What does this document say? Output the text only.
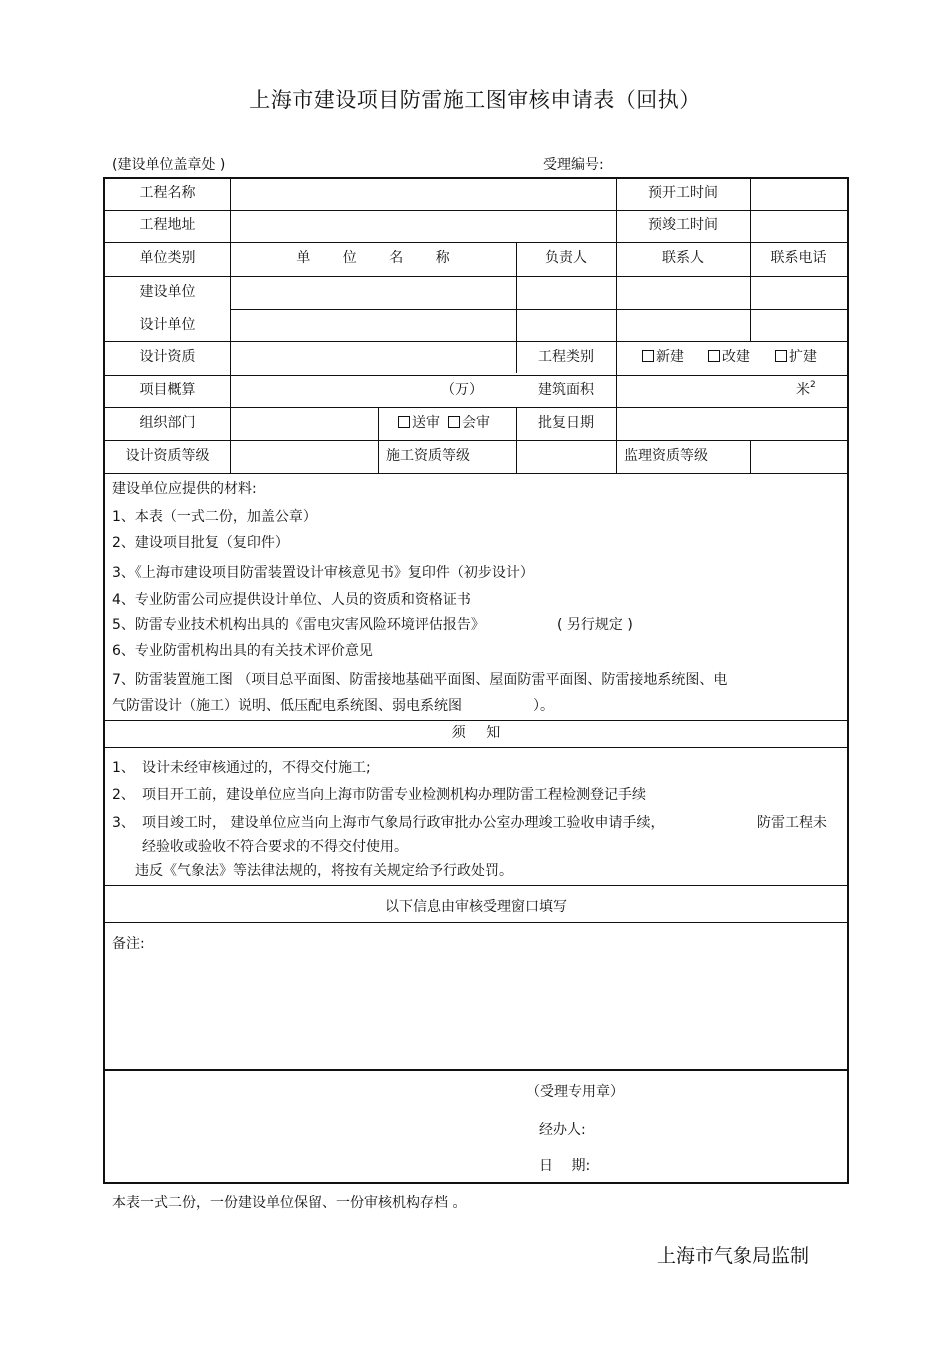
上海市建设项目防雷施工图审核申请表（回执）
(建设单位盖章处 )	受理编号:
工程名称	预开工时间
工程地址	预竣工时间
单位类别	单 位 名 称	负责人	联系人	联系电话
建设单位
设计单位
设计资质	工程类别	新建	改建	扩建
项目概算	（万）	建筑面积	米$^2$
组织部门	送审	会审	批复日期
设计资质等级	施工资质等级	监理资质等级
建设单位应提供的材料:
1、本表（一式二份，加盖公章）
2、建设项目批复（复印件）
3、《上海市建设项目防雷装置设计审核意见书》复印件（初步设计）
4、专业防雷公司应提供设计单位、人员的资质和资格证书
5、防雷专业技术机构出具的《雷电灾害风险环境评估报告》	( 另行规定 )
6、专业防雷机构出具的有关技术评价意见
7、防雷装置施工图 （项目总平面图、防雷接地基础平面图、屋面防雷平面图、防雷接地系统图、电
气防雷设计（施工）说明、低压配电系统图、弱电系统图	）。
须 知
1、 设计未经审核通过的，不得交付施工;
2、 项目开工前，建设单位应当向上海市防雷专业检测机构办理防雷工程检测登记手续
3、 项目竣工时， 建设单位应当向上海市气象局行政审批办公室办理竣工验收申请手续，	防雷工程未
经验收或验收不符合要求的不得交付使用。
违反《气象法》等法律法规的，将按有关规定给予行政处罚。
以下信息由审核受理窗口填写
备注:
（受理专用章）
经办人:
日 期:
本表一式二份，一份建设单位保留、一份审核机构存档 。
上海市气象局监制
